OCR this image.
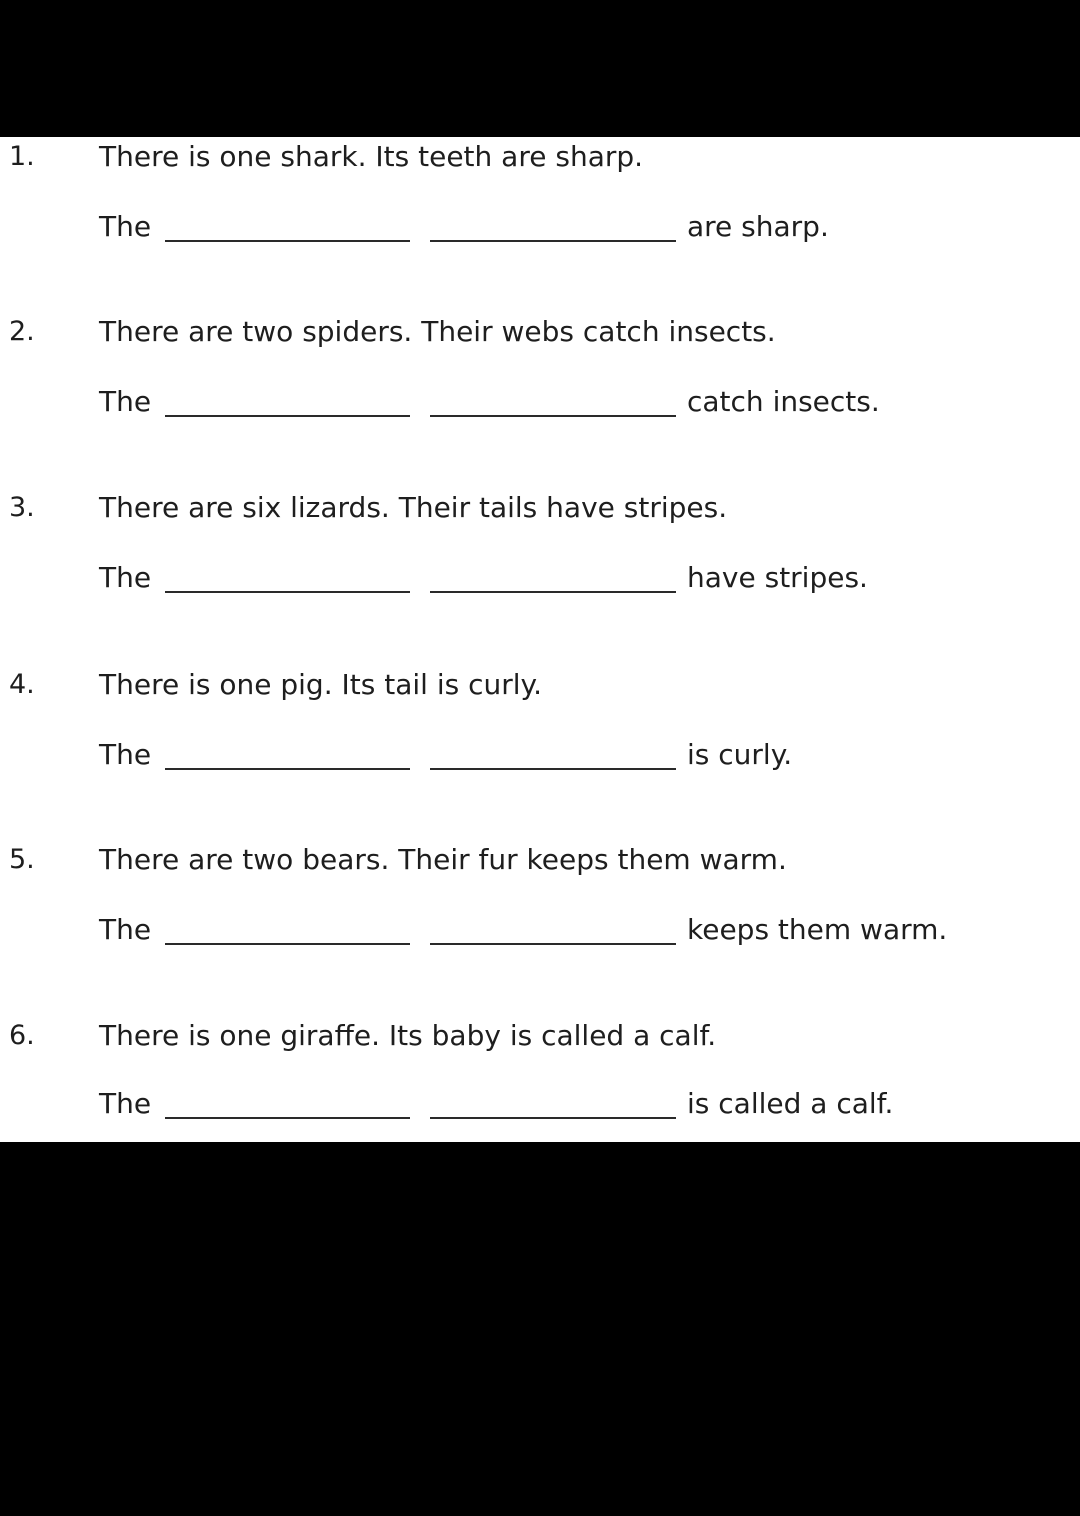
1. There is one shark. Its teeth are sharp.
The	are sharp.
2. There are two spiders. Their webs catch insects.
The	catch insects.
3. There are six lizards. Their tails have stripes.
The	have stripes.
4. There is one pig. Its tail is curly.
The	is curly.
5. There are two bears. Their fur keeps them warm.
The	keeps them warm.
6. There is one giraffe. Its baby is called a calf.
The	is called a calf.
